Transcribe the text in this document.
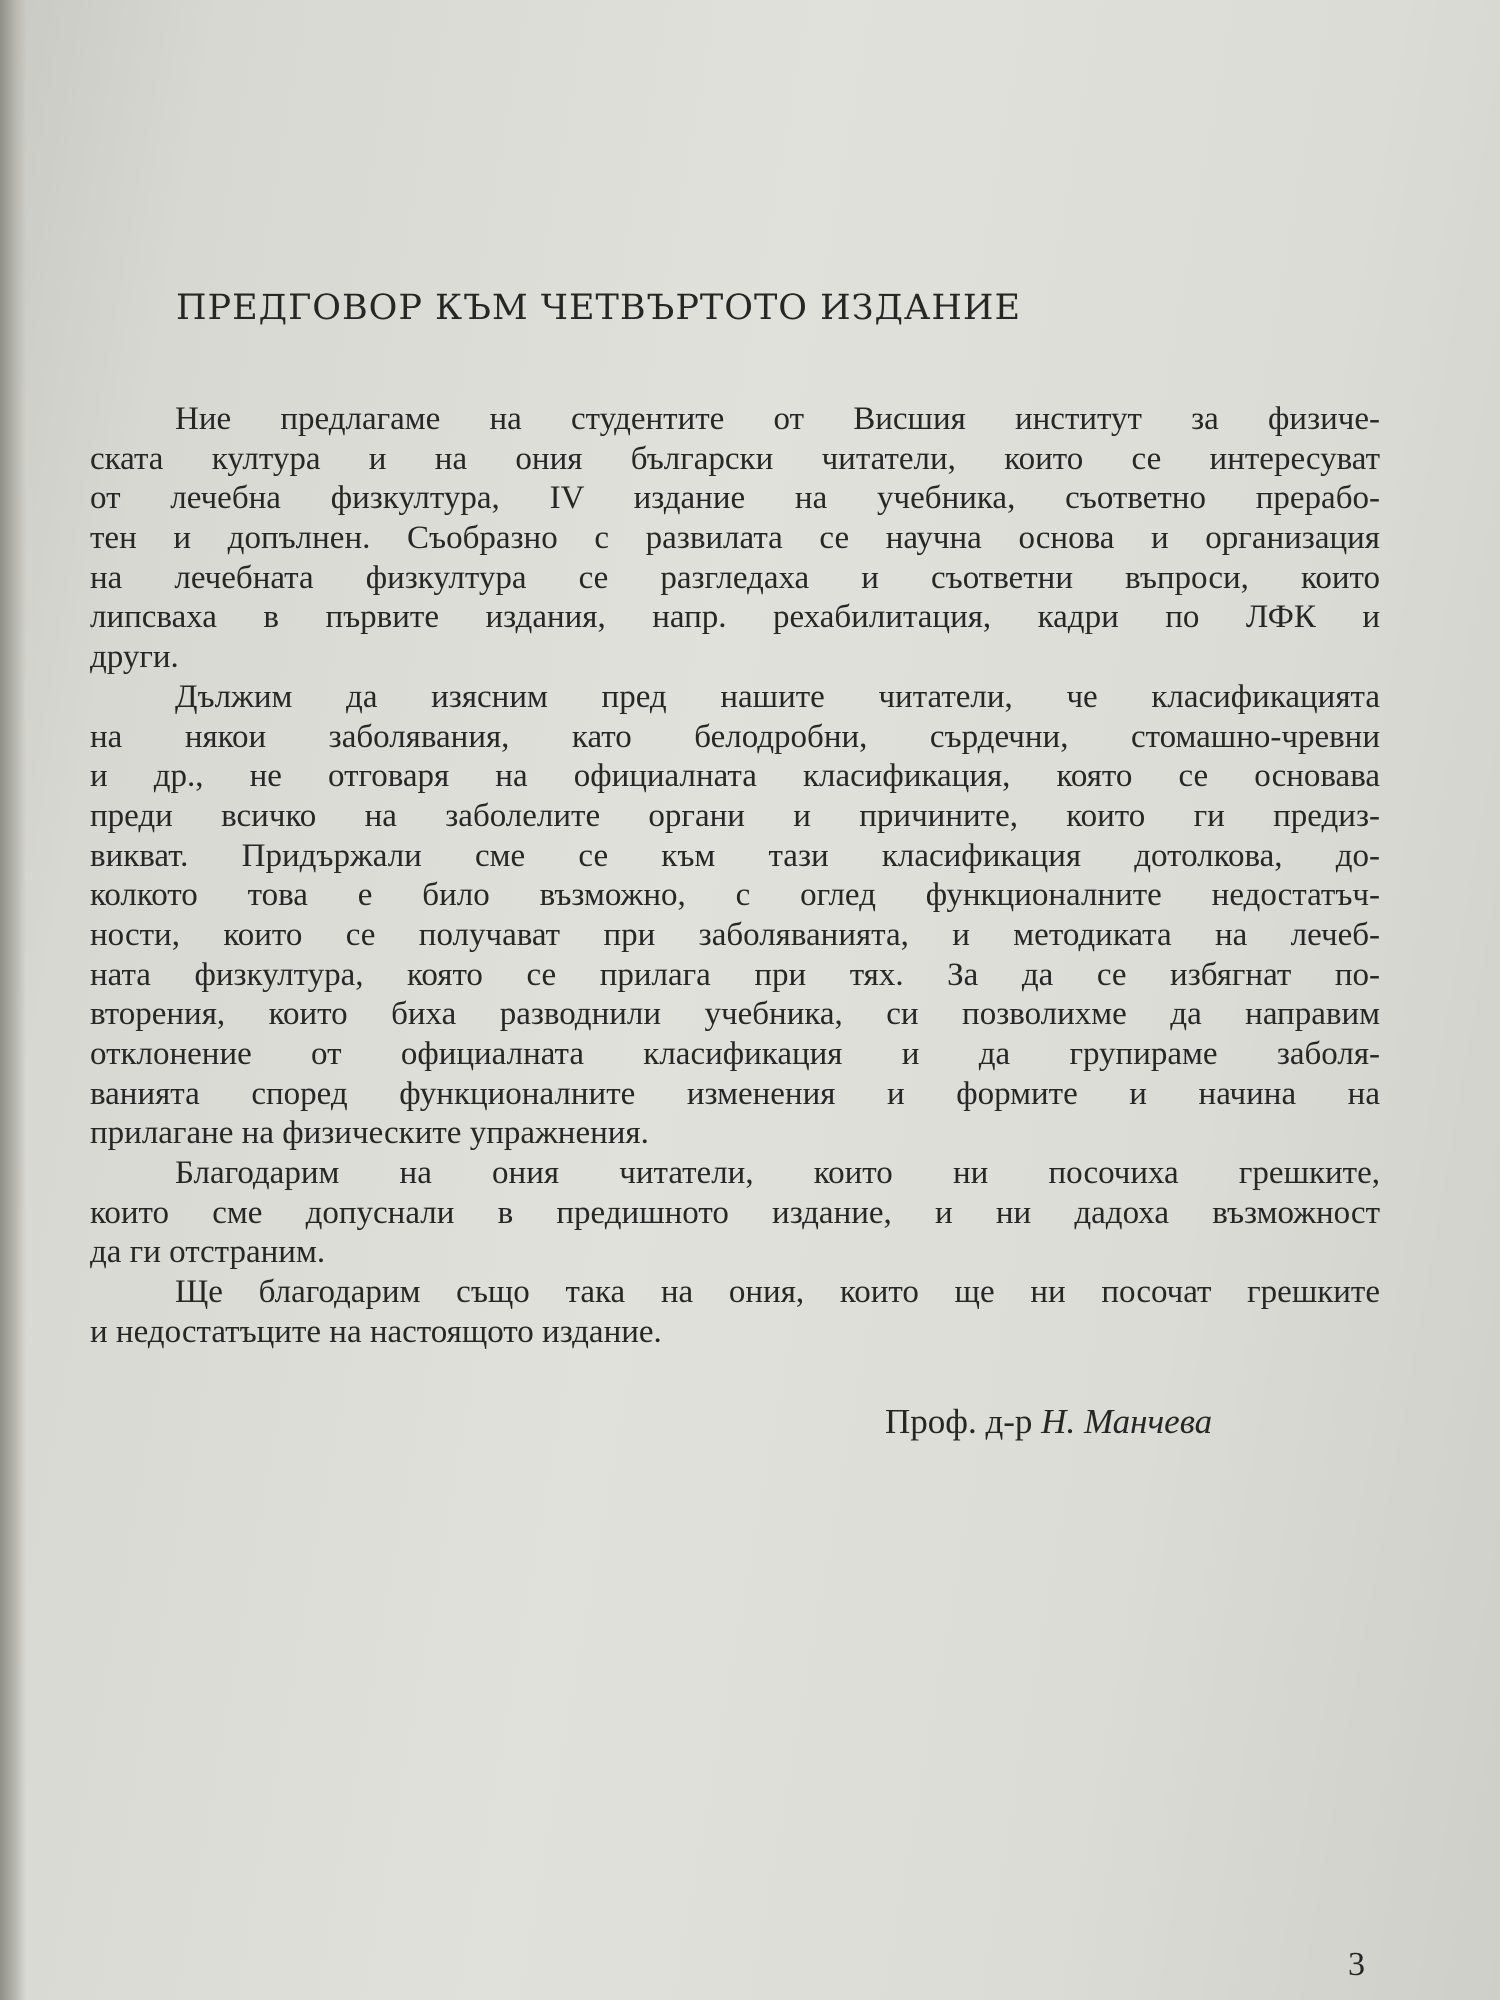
ПРЕДГОВОР КЪМ ЧЕТВЪРТОТО ИЗДАНИЕ
Ние предлагаме на студентите от Висшия институт за физиче-
ската култура и на ония български читатели, които се интересуват
от лечебна физкултура, IV издание на учебника, съответно прерабо-
тен и допълнен. Съобразно с развилата се научна основа и организация
на лечебната физкултура се разгледаха и съответни въпроси, които
липсваха в първите издания, напр. рехабилитация, кадри по ЛФК и
други.
Дължим да изясним пред нашите читатели, че класификацията
на някои заболявания, като белодробни, сърдечни, стомашно-чревни
и др., не отговаря на официалната класификация, която се основава
преди всичко на заболелите органи и причините, които ги предиз-
викват. Придържали сме се към тази класификация дотолкова, до-
колкото това е било възможно, с оглед функционалните недостатъч-
ности, които се получават при заболяванията, и методиката на лечеб-
ната физкултура, която се прилага при тях. За да се избягнат по-
вторения, които биха разводнили учебника, си позволихме да направим
отклонение от официалната класификация и да групираме заболя-
ванията според функционалните изменения и формите и начина на
прилагане на физическите упражнения.
Благодарим на ония читатели, които ни посочиха грешките,
които сме допуснали в предишното издание, и ни дадоха възможност
да ги отстраним.
Ще благодарим също така на ония, които ще ни посочат грешките
и недостатъците на настоящото издание.
Проф. д-р Н. Манчева
3
